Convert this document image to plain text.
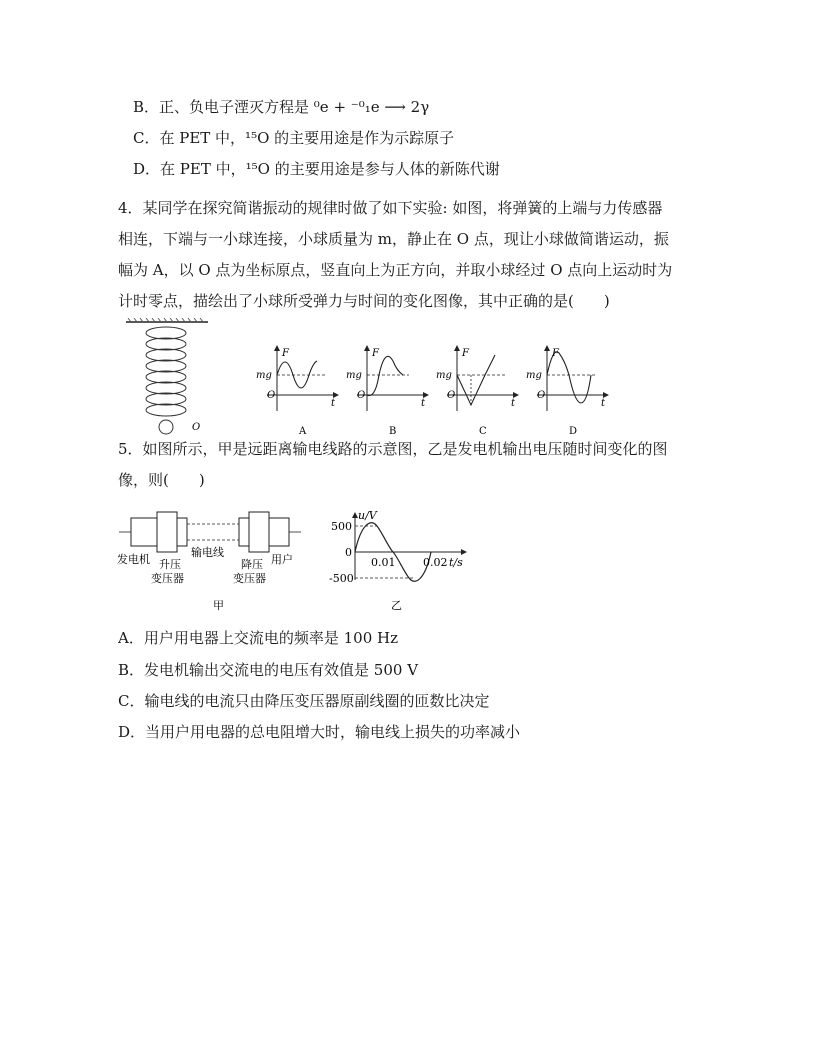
B．正、负电子湮灭方程是 ⁰e + ⁻⁰₁e ⟶ 2γ
C．在 PET 中，¹⁵O 的主要用途是作为示踪原子
D．在 PET 中，¹⁵O 的主要用途是参与人体的新陈代谢
4．某同学在探究简谐振动的规律时做了如下实验: 如图，将弹簧的上端与力传感器
相连，下端与一小球连接，小球质量为 m，静止在 O 点，现让小球做简谐运动，振
幅为 A，以 O 点为坐标原点，竖直向上为正方向，并取小球经过 O 点向上运动时为
计时零点，描绘出了小球所受弹力与时间的变化图像，其中正确的是(　　)
O
F
mg
O
t
A
F
mg
O
t
B
F
mg
O
t
C
F
mg
O
t
D
5．如图所示，甲是远距离输电线路的示意图，乙是发电机输出电压随时间变化的图
像，则(　　)
发电机 升压
变压器
输电线
降压
变压器
用户
甲
u/V
500
0
-500
0.01	0.02 t/s
乙
A．用户用电器上交流电的频率是 100 Hz
B．发电机输出交流电的电压有效值是 500 V
C．输电线的电流只由降压变压器原副线圈的匝数比决定
D．当用户用电器的总电阻增大时，输电线上损失的功率减小
